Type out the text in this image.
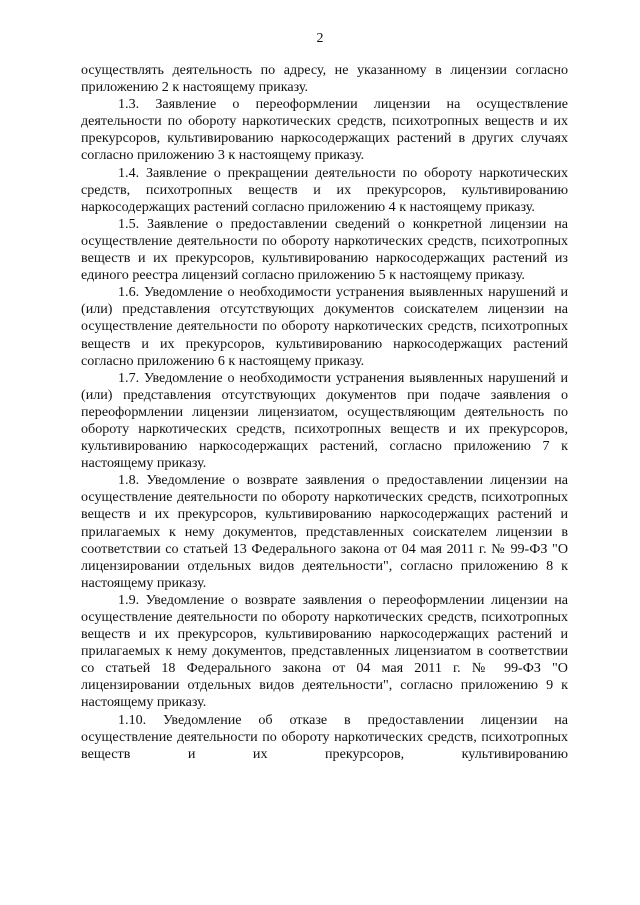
2

осуществлять деятельность по адресу, не указанному в лицензии согласно приложению 2 к настоящему приказу.

1.3. Заявление о переоформлении лицензии на осуществление деятельности по обороту наркотических средств, психотропных веществ и их прекурсоров, культивированию наркосодержащих растений в других случаях согласно приложению 3 к настоящему приказу.

1.4. Заявление о прекращении деятельности по обороту наркотических средств, психотропных веществ и их прекурсоров, культивированию наркосодержащих растений согласно приложению 4 к настоящему приказу.

1.5. Заявление о предоставлении сведений о конкретной лицензии на осуществление деятельности по обороту наркотических средств, психотропных веществ и их прекурсоров, культивированию наркосодержащих растений из единого реестра лицензий согласно приложению 5 к настоящему приказу.

1.6. Уведомление о необходимости устранения выявленных нарушений и (или) представления отсутствующих документов соискателем лицензии на осуществление деятельности по обороту наркотических средств, психотропных веществ и их прекурсоров, культивированию наркосодержащих растений согласно приложению 6 к настоящему приказу.

1.7. Уведомление о необходимости устранения выявленных нарушений и (или) представления отсутствующих документов при подаче заявления о переоформлении лицензии лицензиатом, осуществляющим деятельность по обороту наркотических средств, психотропных веществ и их прекурсоров, культивированию наркосодержащих растений, согласно приложению 7 к настоящему приказу.

1.8. Уведомление о возврате заявления о предоставлении лицензии на осуществление деятельности по обороту наркотических средств, психотропных веществ и их прекурсоров, культивированию наркосодержащих растений и прилагаемых к нему документов, представленных соискателем лицензии в соответствии со статьей 13 Федерального закона от 04 мая 2011 г. № 99-ФЗ "О лицензировании отдельных видов деятельности", согласно приложению 8 к настоящему приказу.

1.9. Уведомление о возврате заявления о переоформлении лицензии на осуществление деятельности по обороту наркотических средств, психотропных веществ и их прекурсоров, культивированию наркосодержащих растений и прилагаемых к нему документов, представленных лицензиатом в соответствии со статьей 18 Федерального закона от 04 мая 2011 г. № 99-ФЗ "О лицензировании отдельных видов деятельности", согласно приложению 9 к настоящему приказу.

1.10. Уведомление об отказе в предоставлении лицензии на осуществление деятельности по обороту наркотических средств, психотропных веществ и их прекурсоров, культивированию
